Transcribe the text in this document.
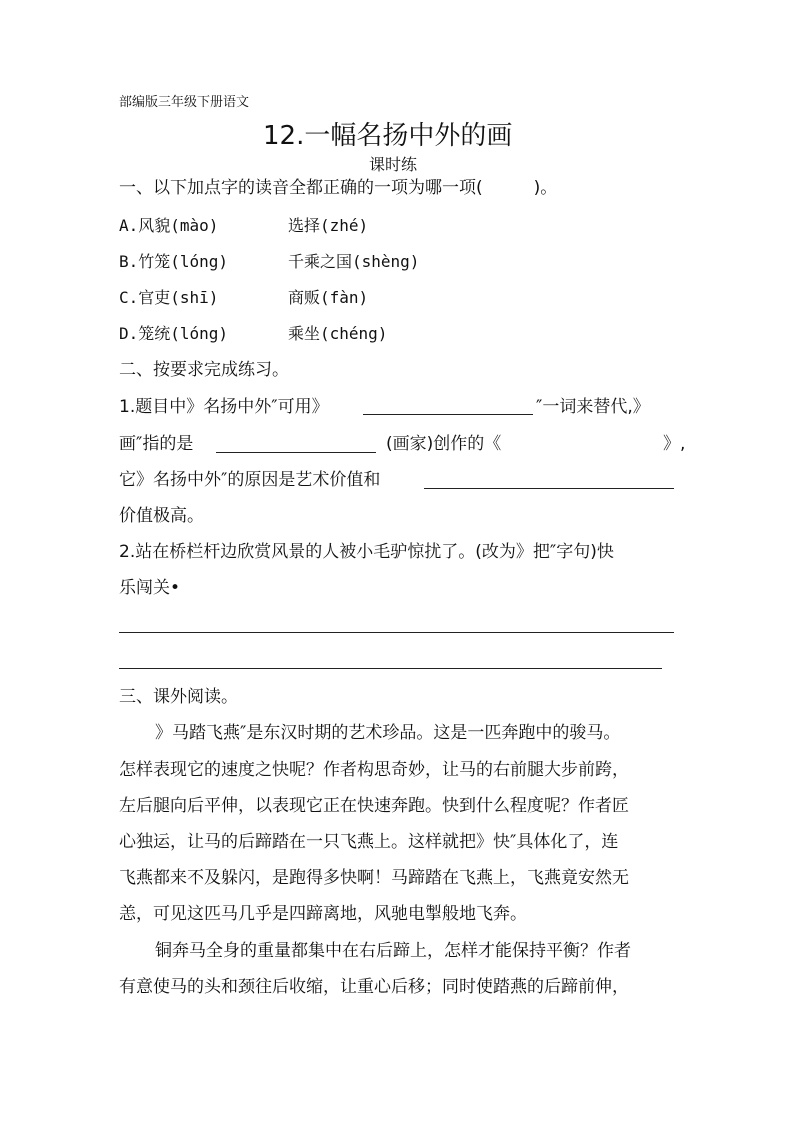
部编版三年级下册语文
12.一幅名扬中外的画
课时练
一、以下加点字的读音全都正确的一项为哪一项(　　　)。
A.风貌(mào)	选择(zhé)
B.竹笼(lóng)	千乘之国(shèng)
C.官吏(shī)	商贩(fàn)
D.笼统(lóng)	乘坐(chéng)
二、按要求完成练习。
1.题目中》名扬中外″可用》	″一词来替代,》
画″指的是	(画家)创作的《	》,
它》名扬中外″的原因是艺术价值和
价值极高。
2.站在桥栏杆边欣赏风景的人被小毛驴惊扰了。(改为》把″字句)快
乐闯关•
三、课外阅读。
》马踏飞燕″是东汉时期的艺术珍品。这是一匹奔跑中的骏马。
怎样表现它的速度之快呢？作者构思奇妙，让马的右前腿大步前跨，
左后腿向后平伸，以表现它正在快速奔跑。快到什么程度呢？作者匠
心独运，让马的后蹄踏在一只飞燕上。这样就把》快″具体化了，连
飞燕都来不及躲闪，是跑得多快啊！马蹄踏在飞燕上，飞燕竟安然无
恙，可见这匹马几乎是四蹄离地，风驰电掣般地飞奔。
铜奔马全身的重量都集中在右后蹄上，怎样才能保持平衡？作者
有意使马的头和颈往后收缩，让重心后移；同时使踏燕的后蹄前伸，
